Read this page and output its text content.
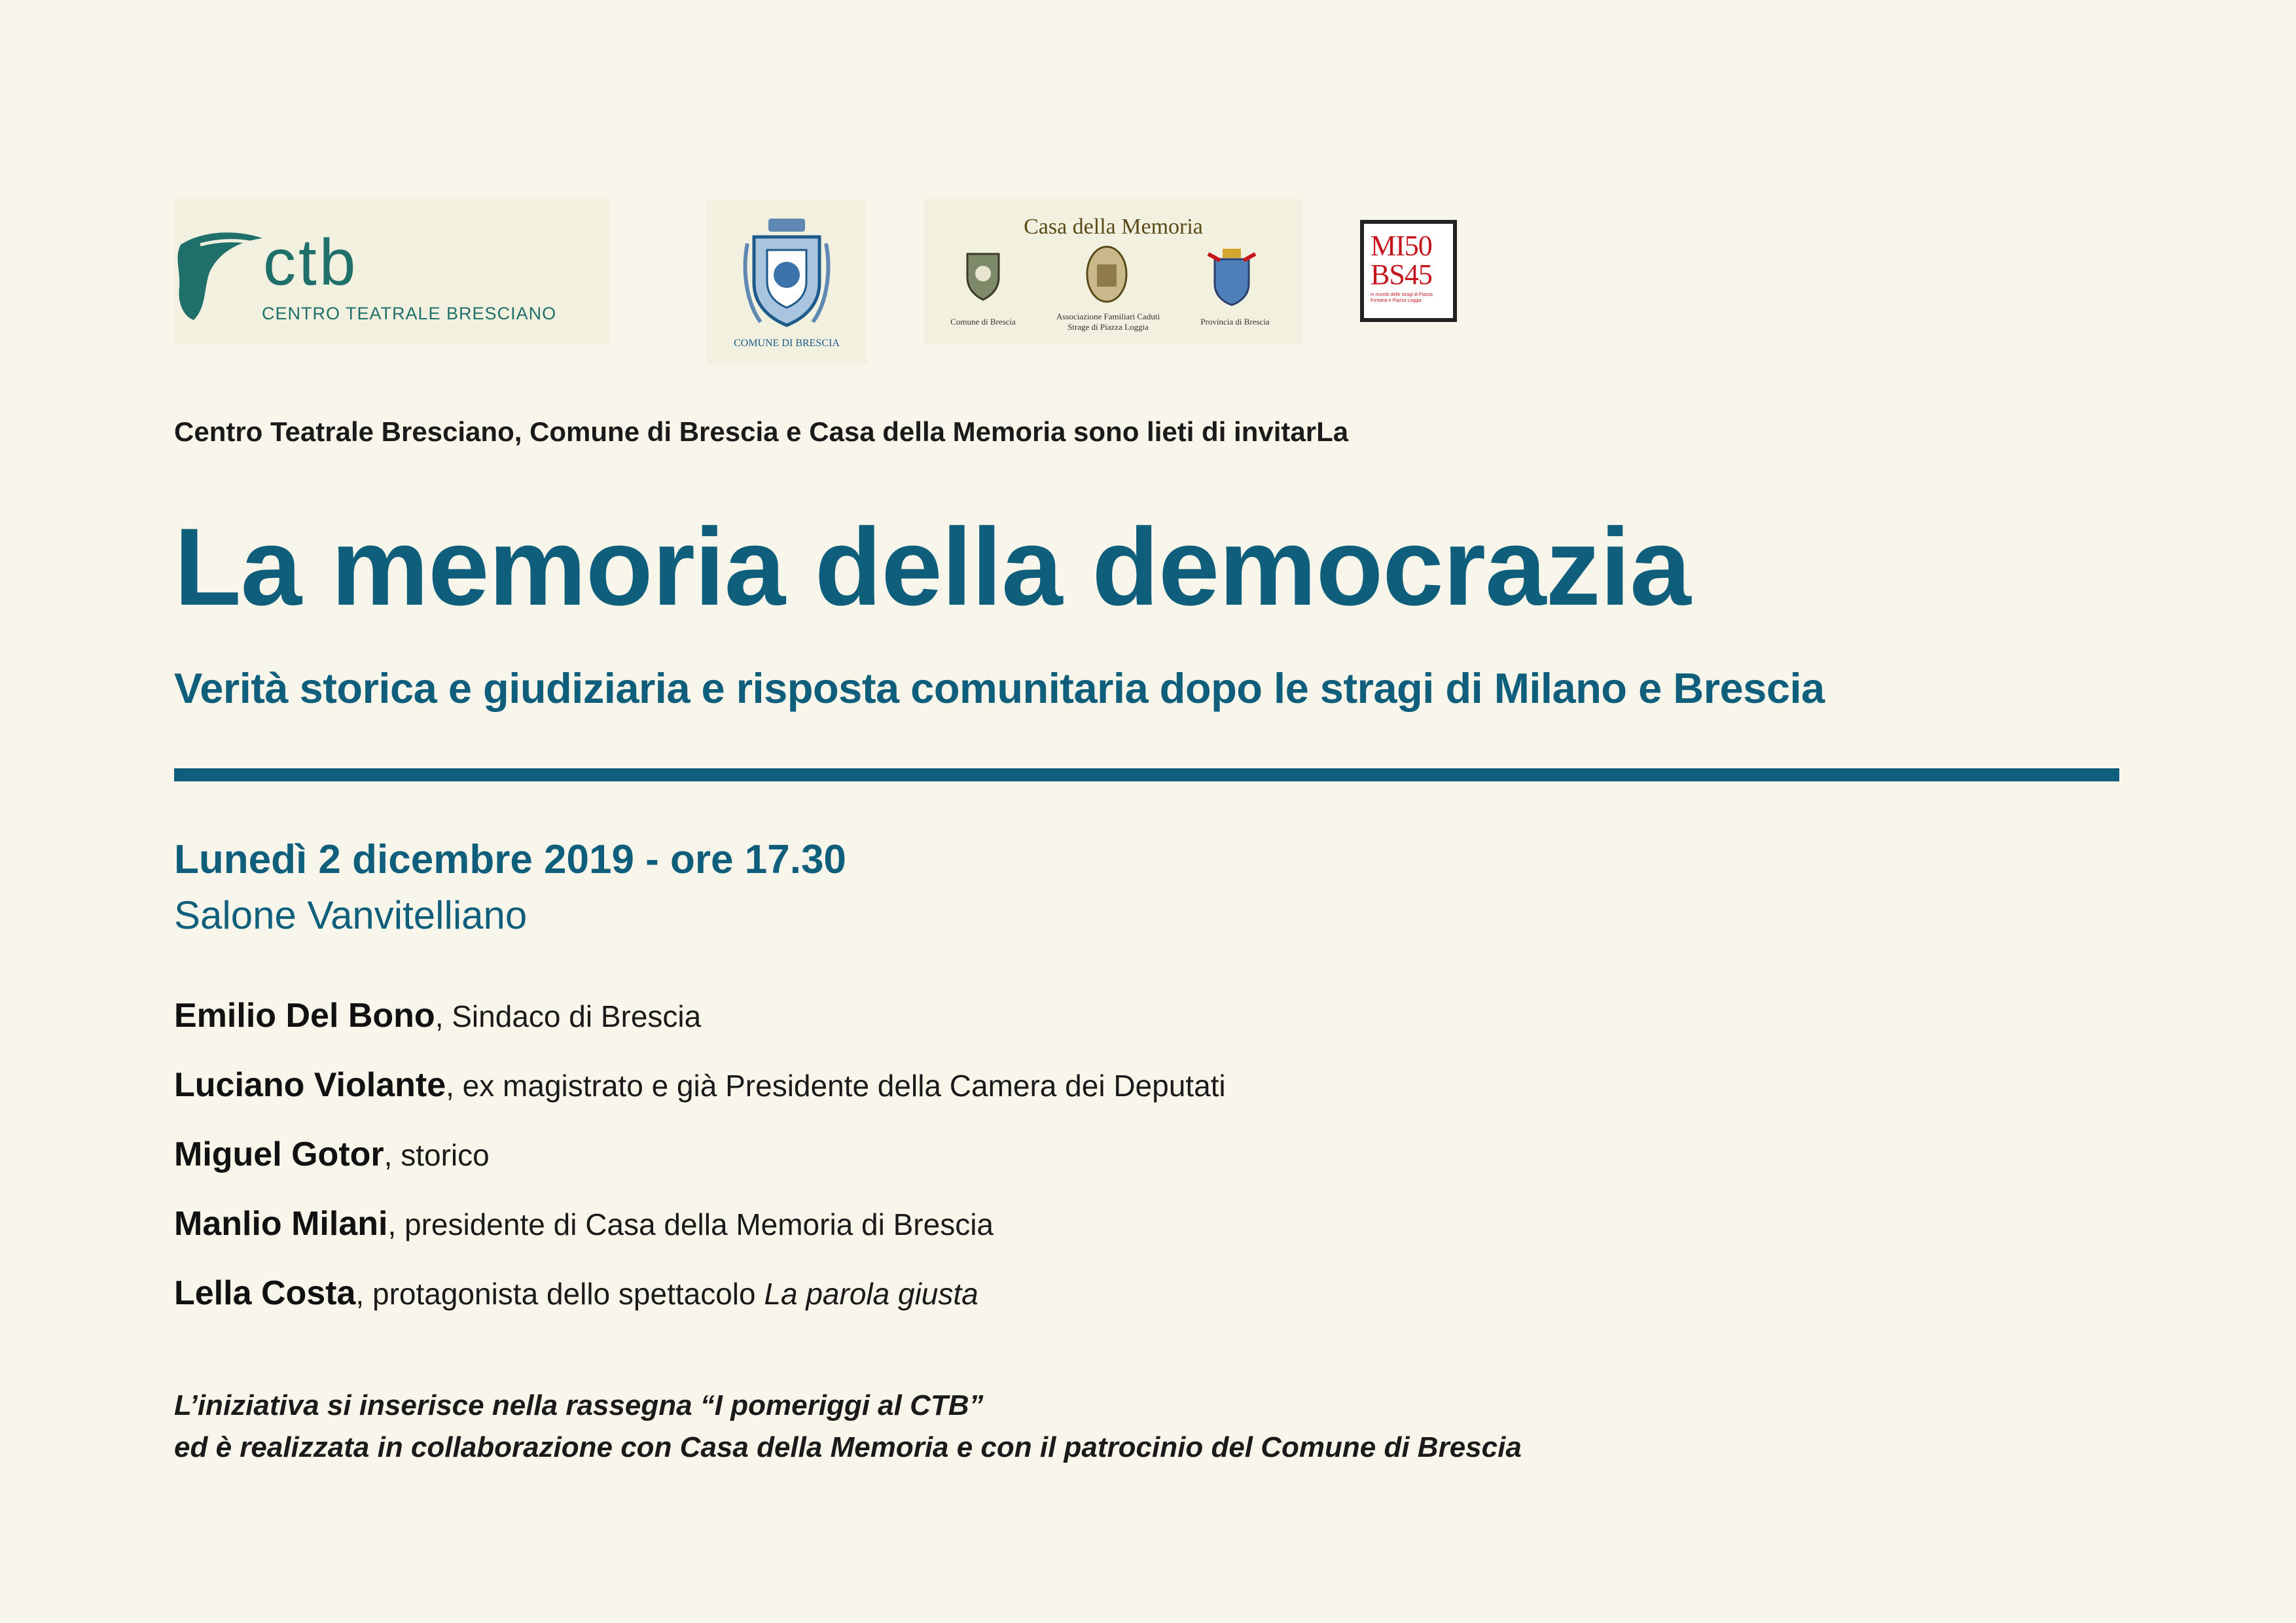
ctb
CENTRO TEATRALE BRESCIANO
COMUNE DI BRESCIA
Casa della Memoria
Comune di Brescia
Associazione Familiari Caduti Strage di Piazza Loggia
Provincia di Brescia
MI50
BS45
in ricordo delle stragi di Piazza Fontana e Piazza Loggia
Centro Teatrale Bresciano, Comune di Brescia e Casa della Memoria sono lieti di invitarLa
La memoria della democrazia
Verità storica e giudiziaria e risposta comunitaria dopo le stragi di Milano e Brescia
Lunedì 2 dicembre 2019 - ore 17.30
Salone Vanvitelliano
Emilio Del Bono, Sindaco di Brescia
Luciano Violante, ex magistrato e già Presidente della Camera dei Deputati
Miguel Gotor, storico
Manlio Milani, presidente di Casa della Memoria di Brescia
Lella Costa, protagonista dello spettacolo La parola giusta
L’iniziativa si inserisce nella rassegna “I pomeriggi al CTB”
ed è realizzata in collaborazione con Casa della Memoria e con il patrocinio del Comune di Brescia
